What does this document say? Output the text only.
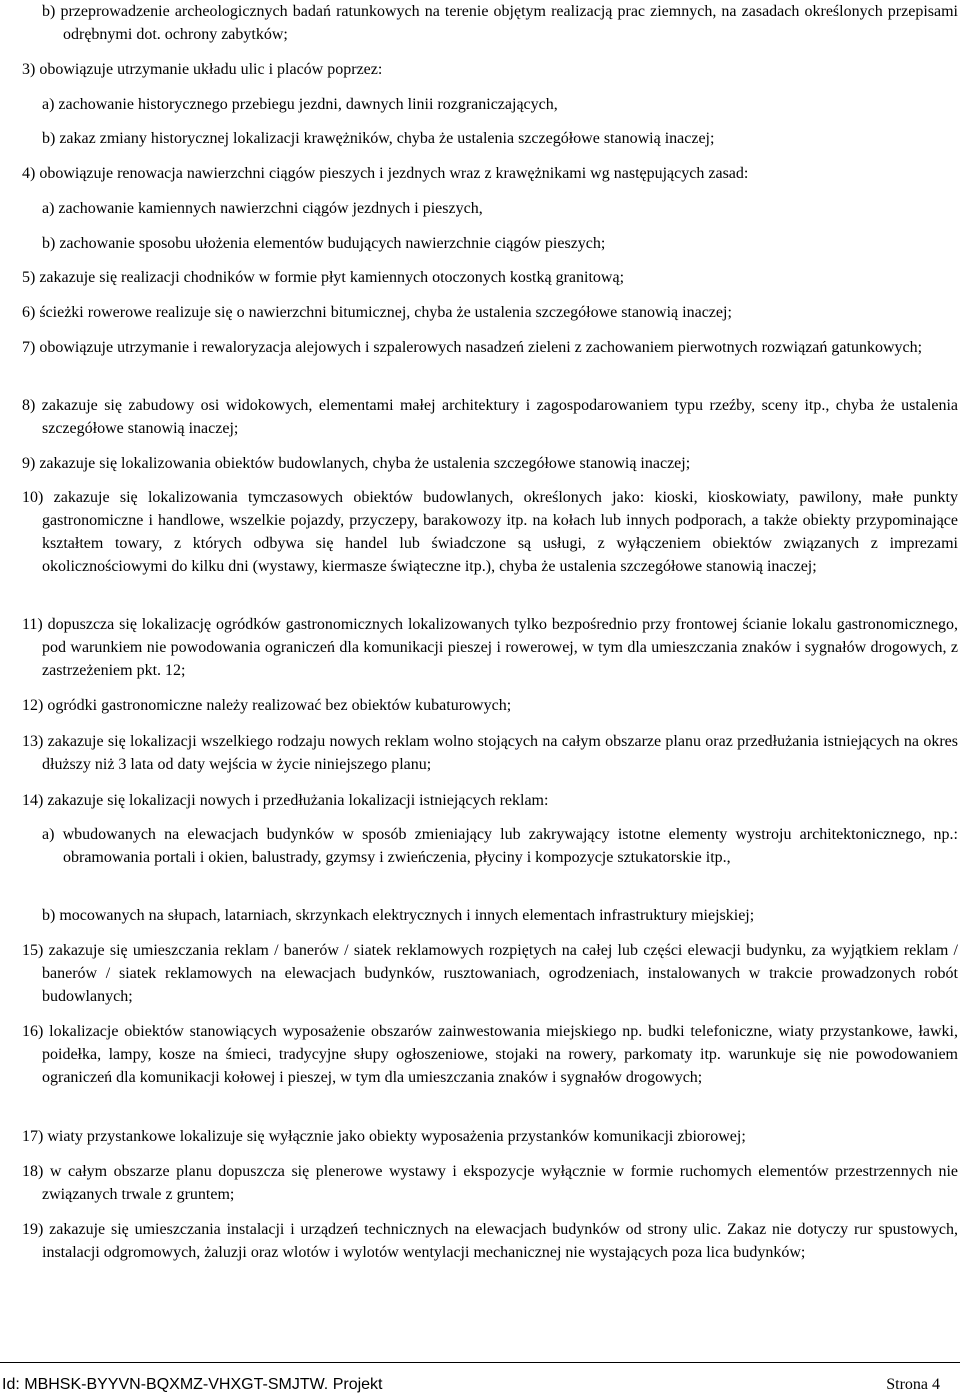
b) przeprowadzenie archeologicznych badań ratunkowych na terenie objętym realizacją prac ziemnych, na zasadach określonych przepisami odrębnymi dot. ochrony zabytków;
3) obowiązuje utrzymanie układu ulic i placów poprzez:
a) zachowanie historycznego przebiegu jezdni, dawnych linii rozgraniczających,
b) zakaz zmiany historycznej lokalizacji krawężników, chyba że ustalenia szczegółowe stanowią inaczej;
4) obowiązuje renowacja nawierzchni ciągów pieszych i jezdnych wraz z krawężnikami wg następujących zasad:
a) zachowanie kamiennych nawierzchni ciągów jezdnych i pieszych,
b) zachowanie sposobu ułożenia elementów budujących nawierzchnie ciągów pieszych;
5) zakazuje się realizacji chodników w formie płyt kamiennych otoczonych kostką granitową;
6) ścieżki rowerowe realizuje się o nawierzchni bitumicznej, chyba że ustalenia szczegółowe stanowią inaczej;
7) obowiązuje utrzymanie i rewaloryzacja alejowych i szpalerowych nasadzeń zieleni z zachowaniem pierwotnych rozwiązań gatunkowych;
8) zakazuje się zabudowy osi widokowych, elementami małej architektury i zagospodarowaniem typu rzeźby, sceny itp., chyba że ustalenia szczegółowe stanowią inaczej;
9) zakazuje się lokalizowania obiektów budowlanych, chyba że ustalenia szczegółowe stanowią inaczej;
10) zakazuje się lokalizowania tymczasowych obiektów budowlanych, określonych jako: kioski, kioskowiaty, pawilony, małe punkty gastronomiczne i handlowe, wszelkie pojazdy, przyczepy, barakowozy itp. na kołach lub innych podporach, a także obiekty przypominające kształtem towary, z których odbywa się handel lub świadczone są usługi, z wyłączeniem obiektów związanych z imprezami okolicznościowymi do kilku dni (wystawy, kiermasze świąteczne itp.), chyba że ustalenia szczegółowe stanowią inaczej;
11) dopuszcza się lokalizację ogródków gastronomicznych lokalizowanych tylko bezpośrednio przy frontowej ścianie lokalu gastronomicznego, pod warunkiem nie powodowania ograniczeń dla komunikacji pieszej i rowerowej, w tym dla umieszczania znaków i sygnałów drogowych, z zastrzeżeniem pkt. 12;
12) ogródki gastronomiczne należy realizować bez obiektów kubaturowych;
13) zakazuje się lokalizacji wszelkiego rodzaju nowych reklam wolno stojących na całym obszarze planu oraz przedłużania istniejących na okres dłuższy niż 3 lata od daty wejścia w życie niniejszego planu;
14) zakazuje się lokalizacji nowych i przedłużania lokalizacji istniejących reklam:
a) wbudowanych na elewacjach budynków w sposób zmieniający lub zakrywający istotne elementy wystroju architektonicznego, np.: obramowania portali i okien, balustrady, gzymsy i zwieńczenia, płyciny i kompozycje sztukatorskie itp.,
b) mocowanych na słupach, latarniach, skrzynkach elektrycznych i innych elementach infrastruktury miejskiej;
15) zakazuje się umieszczania reklam / banerów / siatek reklamowych rozpiętych na całej lub części elewacji budynku, za wyjątkiem reklam / banerów / siatek reklamowych na elewacjach budynków, rusztowaniach, ogrodzeniach, instalowanych w trakcie prowadzonych robót budowlanych;
16) lokalizacje obiektów stanowiących wyposażenie obszarów zainwestowania miejskiego np. budki telefoniczne, wiaty przystankowe, ławki, poidełka, lampy, kosze na śmieci, tradycyjne słupy ogłoszeniowe, stojaki na rowery, parkomaty itp. warunkuje się nie powodowaniem ograniczeń dla komunikacji kołowej i pieszej, w tym dla umieszczania znaków i sygnałów drogowych;
17) wiaty przystankowe lokalizuje się wyłącznie jako obiekty wyposażenia przystanków komunikacji zbiorowej;
18) w całym obszarze planu dopuszcza się plenerowe wystawy i ekspozycje wyłącznie w formie ruchomych elementów przestrzennych nie związanych trwale z gruntem;
19) zakazuje się umieszczania instalacji i urządzeń technicznych na elewacjach budynków od strony ulic. Zakaz nie dotyczy rur spustowych, instalacji odgromowych, żaluzji oraz wlotów i wylotów wentylacji mechanicznej nie wystających poza lica budynków;
Id: MBHSK-BYYVN-BQXMZ-VHXGT-SMJTW. Projekt	Strona 4
